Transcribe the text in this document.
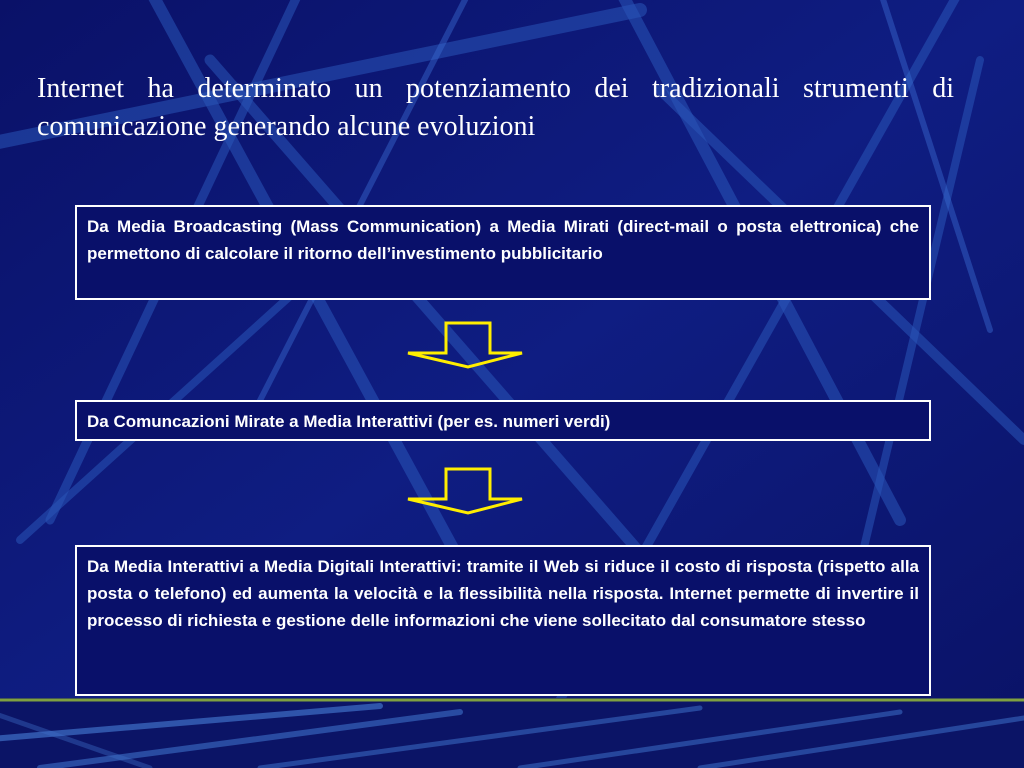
Internet ha determinato un potenziamento dei tradizionali strumenti di comunicazione generando alcune evoluzioni
Da Media Broadcasting (Mass Communication) a Media Mirati (direct-mail o posta elettronica) che permettono di calcolare il ritorno dell’investimento pubblicitario
Da Comuncazioni Mirate a Media Interattivi (per es. numeri verdi)
Da Media Interattivi a Media Digitali Interattivi: tramite il Web si riduce il costo di risposta (rispetto alla posta o telefono) ed aumenta la velocità e la flessibilità nella risposta. Internet permette di invertire il processo di richiesta e gestione delle informazioni che viene sollecitato dal consumatore stesso
